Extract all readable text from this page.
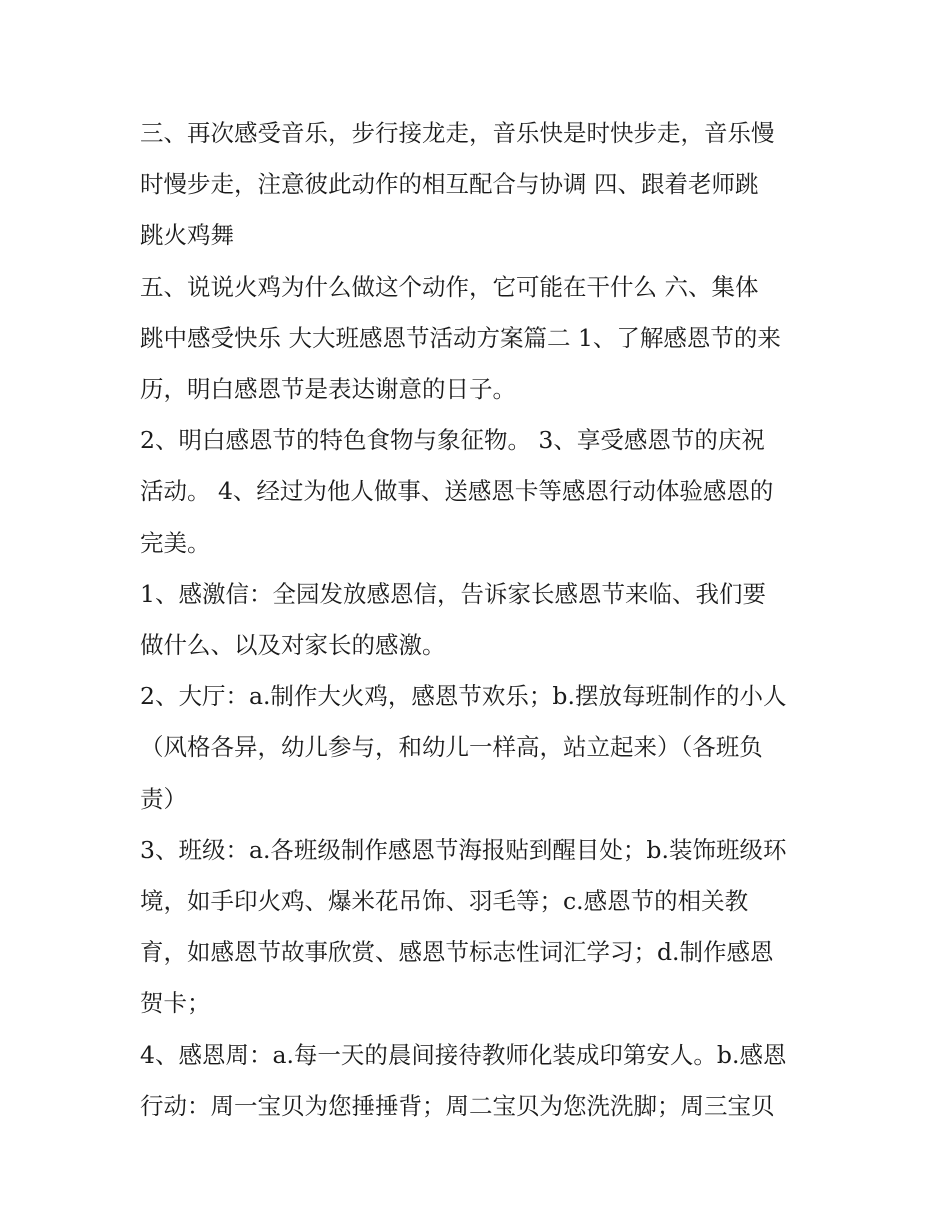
三、再次感受音乐，步行接龙走，音乐快是时快步走，音乐慢
时慢步走，注意彼此动作的相互配合与协调 四、跟着老师跳
跳火鸡舞

五、说说火鸡为什么做这个动作，它可能在干什么 六、集体
跳中感受快乐 大大班感恩节活动方案篇二 1、了解感恩节的来
历，明白感恩节是表达谢意的日子。

2、明白感恩节的特色食物与象征物。 3、享受感恩节的庆祝
活动。 4、经过为他人做事、送感恩卡等感恩行动体验感恩的
完美。

1、感激信：全园发放感恩信，告诉家长感恩节来临、我们要
做什么、以及对家长的感激。

2、大厅：a.制作大火鸡，感恩节欢乐；b.摆放每班制作的小人
（风格各异，幼儿参与，和幼儿一样高，站立起来）（各班负
责）

3、班级：a.各班级制作感恩节海报贴到醒目处；b.装饰班级环
境，如手印火鸡、爆米花吊饰、羽毛等；c.感恩节的相关教
育，如感恩节故事欣赏、感恩节标志性词汇学习；d.制作感恩
贺卡；

4、感恩周：a.每一天的晨间接待教师化装成印第安人。b.感恩
行动：周一宝贝为您捶捶背；周二宝贝为您洗洗脚；周三宝贝
